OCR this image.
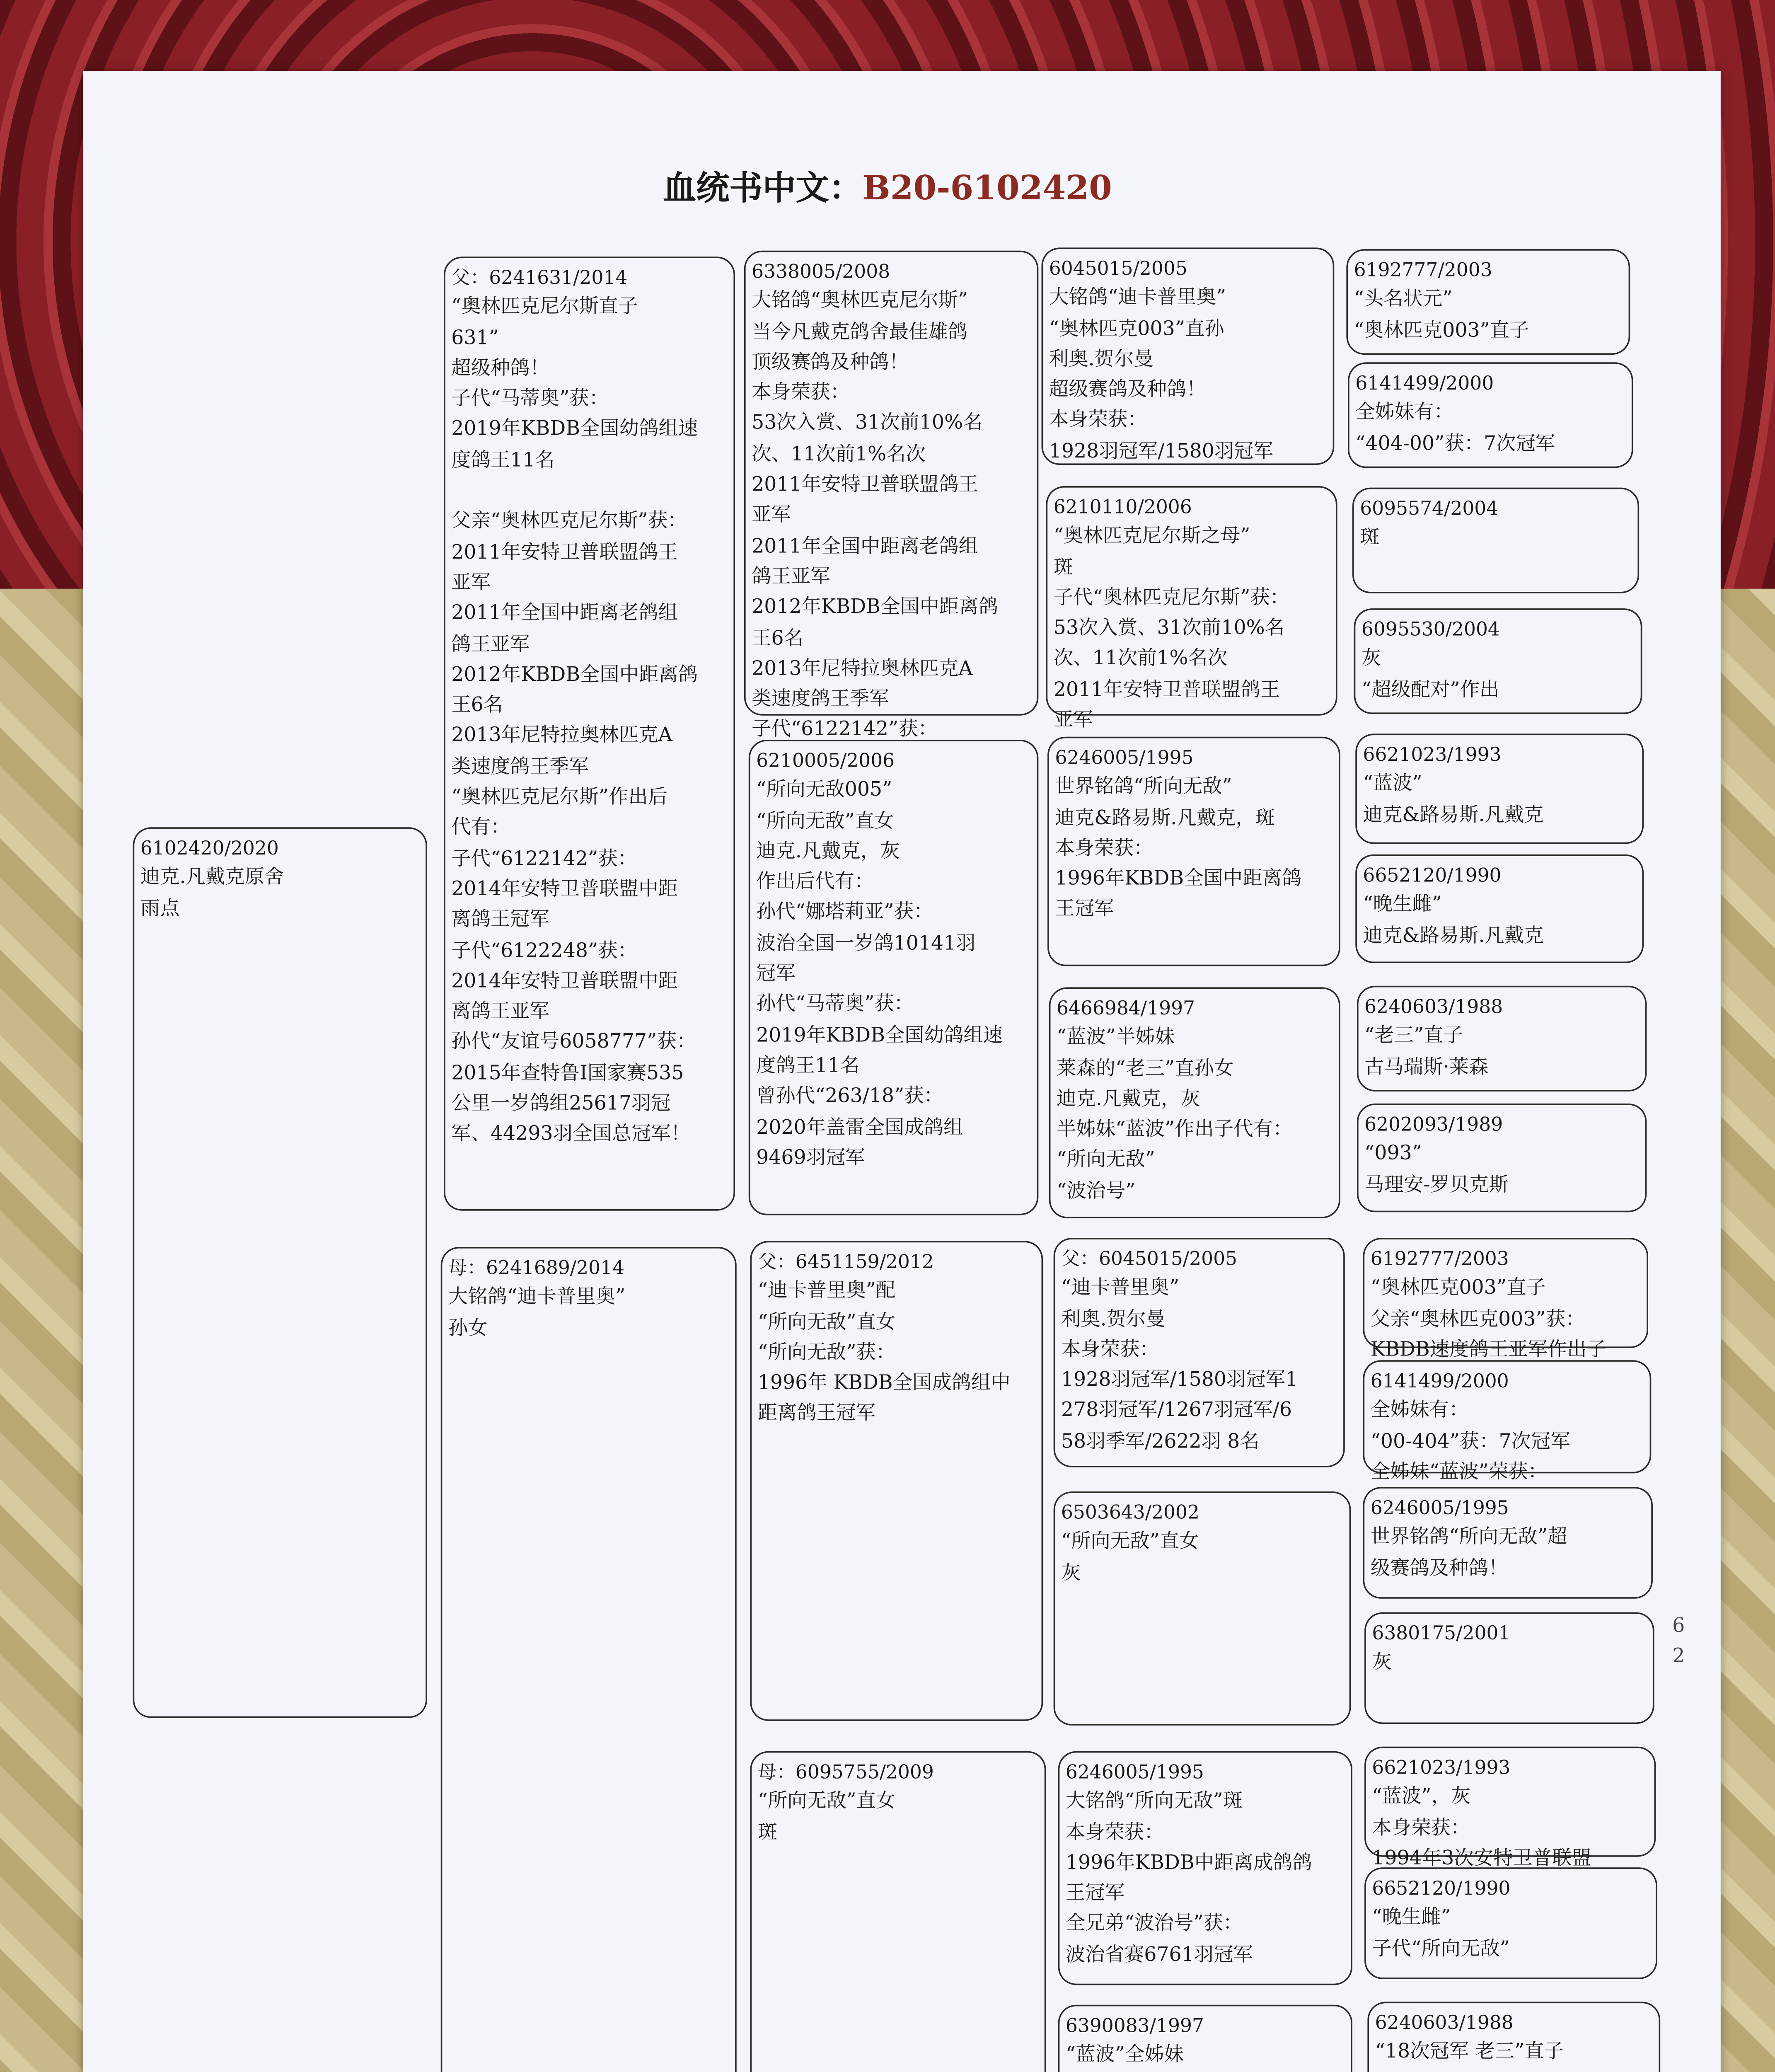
血统书中文：B20-6102420
6102420/2020
迪克.凡戴克原舍
雨点
父：6241631/2014
“奥林匹克尼尔斯直子
631”
超级种鸽！
子代“马蒂奥”获：
2019年KBDB全国幼鸽组速
度鸽王11名

父亲“奥林匹克尼尔斯”获：
2011年安特卫普联盟鸽王
亚军
2011年全国中距离老鸽组
鸽王亚军
2012年KBDB全国中距离鸽
王6名
2013年尼特拉奥林匹克A
类速度鸽王季军
“奥林匹克尼尔斯”作出后
代有：
子代“6122142”获：
2014年安特卫普联盟中距
离鸽王冠军
子代“6122248”获：
2014年安特卫普联盟中距
离鸽王亚军
孙代“友谊号6058777”获：
2015年查特鲁I国家赛535
公里一岁鸽组25617羽冠
军、44293羽全国总冠军！
母：6241689/2014
大铭鸽“迪卡普里奥”
孙女
6338005/2008
大铭鸽“奥林匹克尼尔斯”
当今凡戴克鸽舍最佳雄鸽
顶级赛鸽及种鸽！
本身荣获：
53次入赏、31次前10%名
次、11次前1%名次
2011年安特卫普联盟鸽王
亚军
2011年全国中距离老鸽组
鸽王亚军
2012年KBDB全国中距离鸽
王6名
2013年尼特拉奥林匹克A
类速度鸽王季军
子代“6122142”获：
6210005/2006
“所向无敌005”
“所向无敌”直女
迪克.凡戴克，灰
作出后代有：
孙代“娜塔莉亚”获：
波治全国一岁鸽10141羽
冠军
孙代“马蒂奥”获：
2019年KBDB全国幼鸽组速
度鸽王11名
曾孙代“263/18”获：
2020年盖雷全国成鸽组
9469羽冠军
父：6451159/2012
“迪卡普里奥”配
“所向无敌”直女
“所向无敌”获：
1996年 KBDB全国成鸽组中
距离鸽王冠军
母：6095755/2009
“所向无敌”直女
斑
6045015/2005
大铭鸽“迪卡普里奥”
“奥林匹克003”直孙
利奥.贺尔曼
超级赛鸽及种鸽！
本身荣获：
1928羽冠军/1580羽冠军
6210110/2006
“奥林匹克尼尔斯之母”
斑
子代“奥林匹克尼尔斯”获：
53次入赏、31次前10%名
次、11次前1%名次
2011年安特卫普联盟鸽王
亚军
6246005/1995
世界铭鸽“所向无敌”
迪克&路易斯.凡戴克，斑
本身荣获：
1996年KBDB全国中距离鸽
王冠军
6466984/1997
“蓝波”半姊妹
莱森的“老三”直孙女
迪克.凡戴克，灰
半姊妹“蓝波”作出子代有：
“所向无敌”
“波治号”
父：6045015/2005
“迪卡普里奥”
利奥.贺尔曼
本身荣获：
1928羽冠军/1580羽冠军1
278羽冠军/1267羽冠军/6
58羽季军/2622羽 8名
6503643/2002
“所向无敌”直女
灰
6246005/1995
大铭鸽“所向无敌”斑
本身荣获：
1996年KBDB中距离成鸽鸽
王冠军
全兄弟“波治号”获：
波治省赛6761羽冠军
6390083/1997
“蓝波”全姊妹
6192777/2003
“头名状元”
“奥林匹克003”直子
6141499/2000
全姊妹有：
“404-00”获：7次冠军
6095574/2004
斑
6095530/2004
灰
“超级配对”作出
6621023/1993
“蓝波”
迪克&路易斯.凡戴克
6652120/1990
“晚生雌”
迪克&路易斯.凡戴克
6240603/1988
“老三”直子
古马瑞斯·莱森
6202093/1989
“093”
马理安-罗贝克斯
6192777/2003
“奥林匹克003”直子
父亲“奥林匹克003”获：
KBDB速度鸽王亚军作出子
6141499/2000
全姊妹有：
“00-404”获：7次冠军
全姊妹“蓝波”荣获：
6246005/1995
世界铭鸽“所向无敌”超
级赛鸽及种鸽！
6380175/2001
灰
6621023/1993
“蓝波”，灰
本身荣获：
1994年3次安特卫普联盟
6652120/1990
“晚生雌”
子代“所向无敌”
6240603/1988
“18次冠军 老三”直子
6
2
